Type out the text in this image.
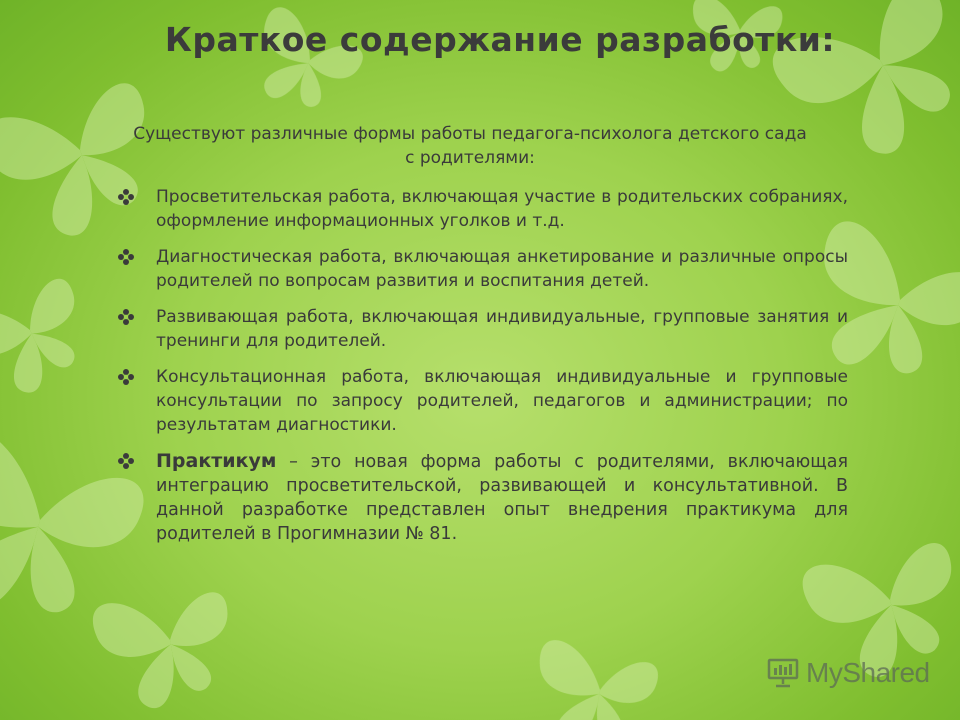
Краткое содержание разработки:
Существуют различные формы работы педагога-психолога детского сада с родителями:
Просветительская работа, включающая участие в родительских собраниях, оформление информационных уголков и т.д.
Диагностическая работа, включающая анкетирование и различные опросы родителей по вопросам развития и воспитания детей.
Развивающая работа, включающая индивидуальные, групповые занятия и тренинги для родителей.
Консультационная работа, включающая индивидуальные и групповые консультации по запросу родителей, педагогов и администрации; по результатам диагностики.
Практикум – это новая форма работы с родителями, включающая интеграцию просветительской, развивающей и консультативной. В данной разработке представлен опыт внедрения практикума для родителей в Прогимназии № 81.
MyShared
